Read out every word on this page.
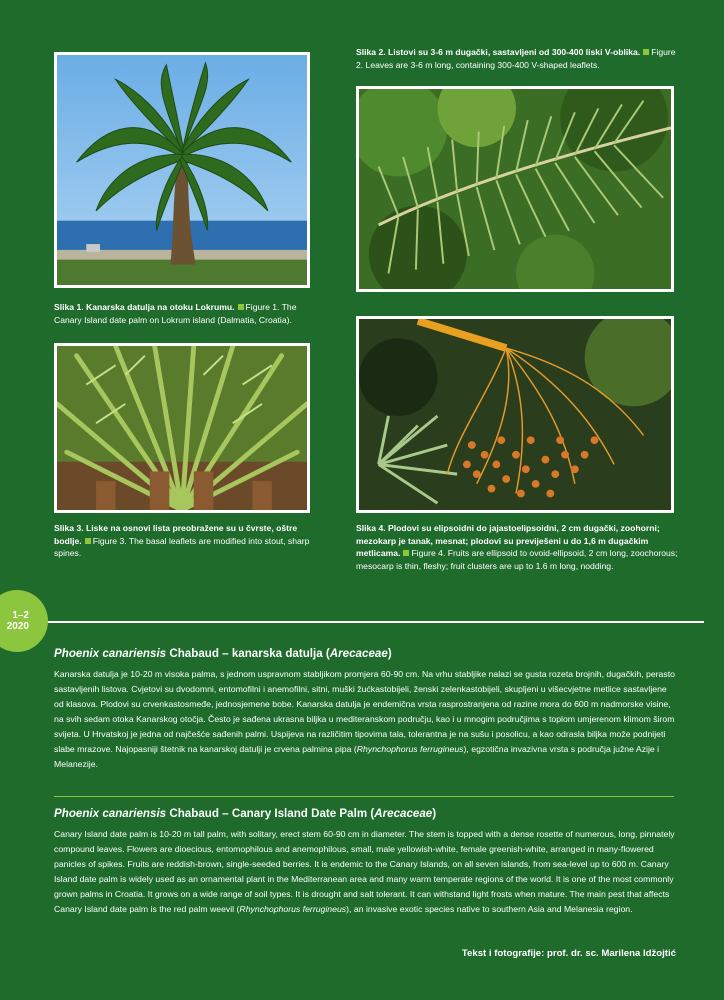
Slika 1. Kanarska datulja na otoku Lokrumu. Figure 1. The Canary Island date palm on Lokrum island (Dalmatia, Croatia).

Slika 2. Listovi su 3-6 m dugački, sastavljeni od 300-400 liski V-oblika. Figure 2. Leaves are 3-6 m long, containing 300-400 V-shaped leaflets.

Slika 3. Liske na osnovi lista preobražene su u čvrste, oštre bodlje. Figure 3. The basal leaflets are modified into stout, sharp spines.

Slika 4. Plodovi su elipsoidni do jajastoelipsoidni, 2 cm dugački, zoohorni; mezokarp je tanak, mesnat; plodovi su previješeni u do 1,6 m dugačkim metlicama. Figure 4. Fruits are ellipsoid to ovoid-ellipsoid, 2 cm long, zoochorous; mesocarp is thin, fleshy; fruit clusters are up to 1.6 m long, nodding.

1–2
2020

Phoenix canariensis Chabaud – kanarska datulja (Arecaceae)

Kanarska datulja je 10-20 m visoka palma, s jednom uspravnom stabljikom promjera 60-90 cm. Na vrhu stabljike nalazi se gusta rozeta brojnih, dugačkih, perasto sastavljenih listova. Cvjetovi su dvodomni, entomofilni i anemofilni, sitni, muški žućkastobijeli, ženski zelenkastobijeli, skupljeni u višecvjetne metlice sastavljene od klasova. Plodovi su crvenkastosmeđe, jednosjemene bobe. Kanarska datulja je endemična vrsta rasprostranjena od razine mora do 600 m nadmorske visine, na svih sedam otoka Kanarskog otočja. Često je sađena ukrasna biljka u mediteranskom području, kao i u mnogim područjima s toplom umjerenom klimom širom svijeta. U Hrvatskoj je jedna od najčešće sađenih palmi. Uspijeva na različitim tipovima tala, tolerantna je na sušu i posolicu, a kao odrasla biljka može podnijeti slabe mrazove. Najopasniji štetnik na kanarskoj datulji je crvena palmina pipa (Rhynchophorus ferrugineus), egzotična invazivna vrsta s područja južne Azije i Melanezije.

Phoenix canariensis Chabaud – Canary Island Date Palm (Arecaceae)

Canary Island date palm is 10-20 m tall palm, with solitary, erect stem 60-90 cm in diameter. The stem is topped with a dense rosette of numerous, long, pinnately compound leaves. Flowers are dioecious, entomophilous and anemophilous, small, male yellowish-white, female greenish-white, arranged in many-flowered panicles of spikes. Fruits are reddish-brown, single-seeded berries. It is endemic to the Canary Islands, on all seven islands, from sea-level up to 600 m. Canary Island date palm is widely used as an ornamental plant in the Mediterranean area and many warm temperate regions of the world. It is one of the most commonly grown palms in Croatia. It grows on a wide range of soil types. It is drought and salt tolerant. It can withstand light frosts when mature. The main pest that affects Canary Island date palm is the red palm weevil (Rhynchophorus ferrugineus), an invasive exotic species native to southern Asia and Melanesia region.

Tekst i fotografije: prof. dr. sc. Marilena Idžojtić
